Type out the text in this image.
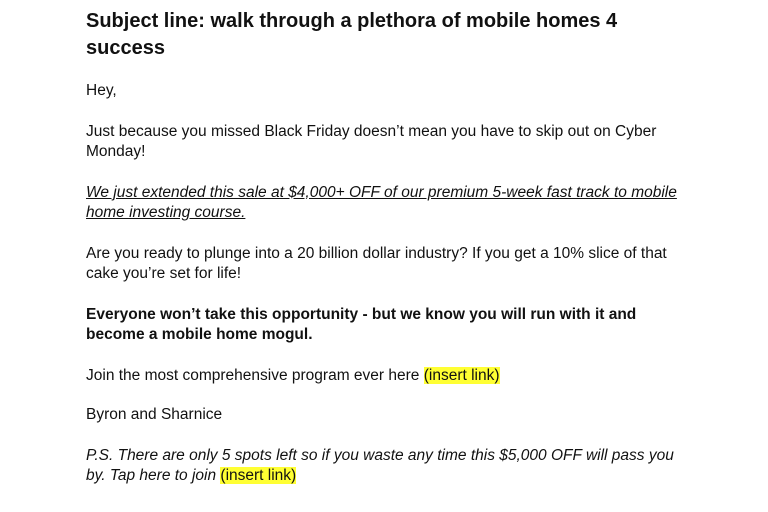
Subject line: walk through a plethora of mobile homes 4 success

Hey,

Just because you missed Black Friday doesn’t mean you have to skip out on Cyber Monday!

We just extended this sale at $4,000+ OFF of our premium 5-week fast track to mobile home investing course.

Are you ready to plunge into a 20 billion dollar industry? If you get a 10% slice of that cake you’re set for life!

Everyone won’t take this opportunity - but we know you will run with it and become a mobile home mogul.

Join the most comprehensive program ever here (insert link)

Byron and Sharnice

P.S. There are only 5 spots left so if you waste any time this $5,000 OFF will pass you by. Tap here to join (insert link)
